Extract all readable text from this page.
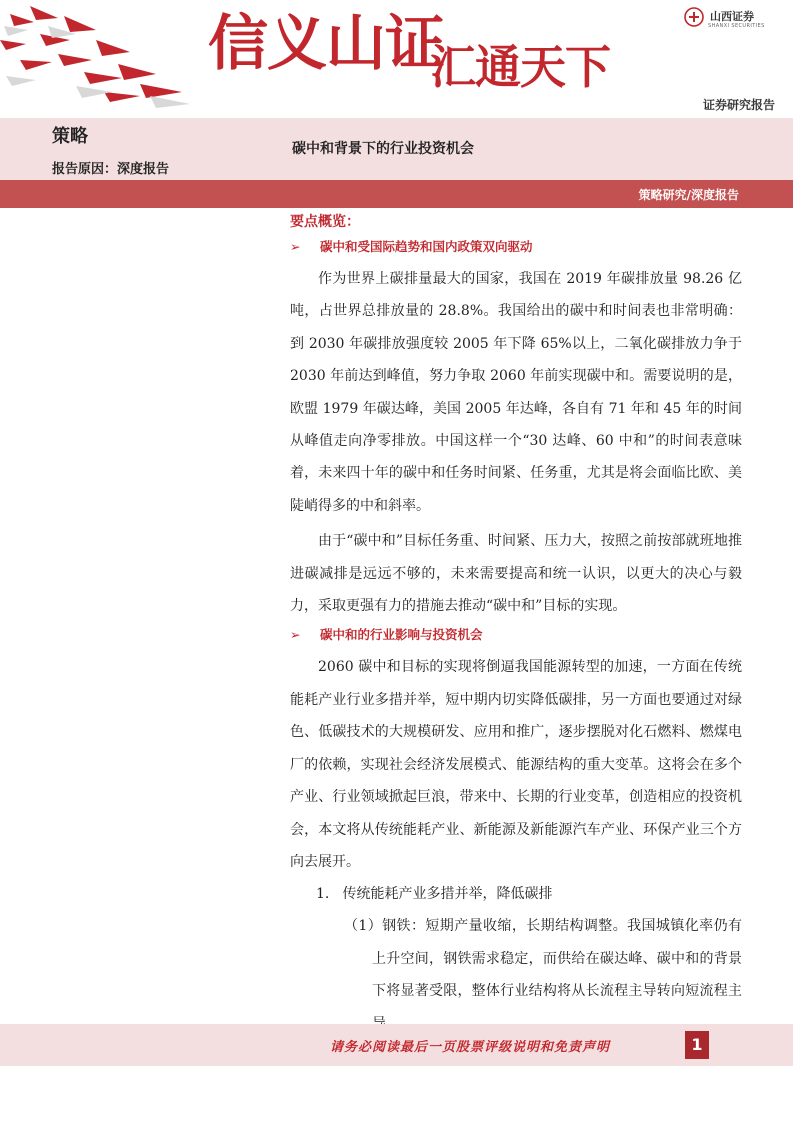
信义山证
汇通天下
山西证券
SHANXI SECURITIES
证券研究报告
策略
报告原因：深度报告
碳中和背景下的行业投资机会
策略研究/深度报告
要点概览：
➢	碳中和受国际趋势和国内政策双向驱动

作为世界上碳排量最大的国家，我国在 2019 年碳排放量 98.26 亿吨，占世界总排放量的 28.8%。我国给出的碳中和时间表也非常明确：到 2030 年碳排放强度较 2005 年下降 65%以上，二氧化碳排放力争于 2030 年前达到峰值，努力争取 2060 年前实现碳中和。需要说明的是，欧盟 1979 年碳达峰，美国 2005 年达峰，各自有 71 年和 45 年的时间从峰值走向净零排放。中国这样一个“30 达峰、60 中和”的时间表意味着，未来四十年的碳中和任务时间紧、任务重，尤其是将会面临比欧、美陡峭得多的中和斜率。

由于“碳中和”目标任务重、时间紧、压力大，按照之前按部就班地推进碳减排是远远不够的，未来需要提高和统一认识，以更大的决心与毅力，采取更强有力的措施去推动“碳中和”目标的实现。

➢	碳中和的行业影响与投资机会

2060 碳中和目标的实现将倒逼我国能源转型的加速，一方面在传统能耗产业行业多措并举，短中期内切实降低碳排，另一方面也要通过对绿色、低碳技术的大规模研发、应用和推广，逐步摆脱对化石燃料、燃煤电厂的依赖，实现社会经济发展模式、能源结构的重大变革。这将会在多个产业、行业领域掀起巨浪，带来中、长期的行业变革，创造相应的投资机会，本文将从传统能耗产业、新能源及新能源汽车产业、环保产业三个方向去展开。

1. 传统能耗产业多措并举，降低碳排

（1）钢铁：短期产量收缩，长期结构调整。我国城镇化率仍有上升空间，钢铁需求稳定，而供给在碳达峰、碳中和的背景下将显著受限，整体行业结构将从长流程主导转向短流程主

请务必阅读最后一页股票评级说明和免责声明	1
